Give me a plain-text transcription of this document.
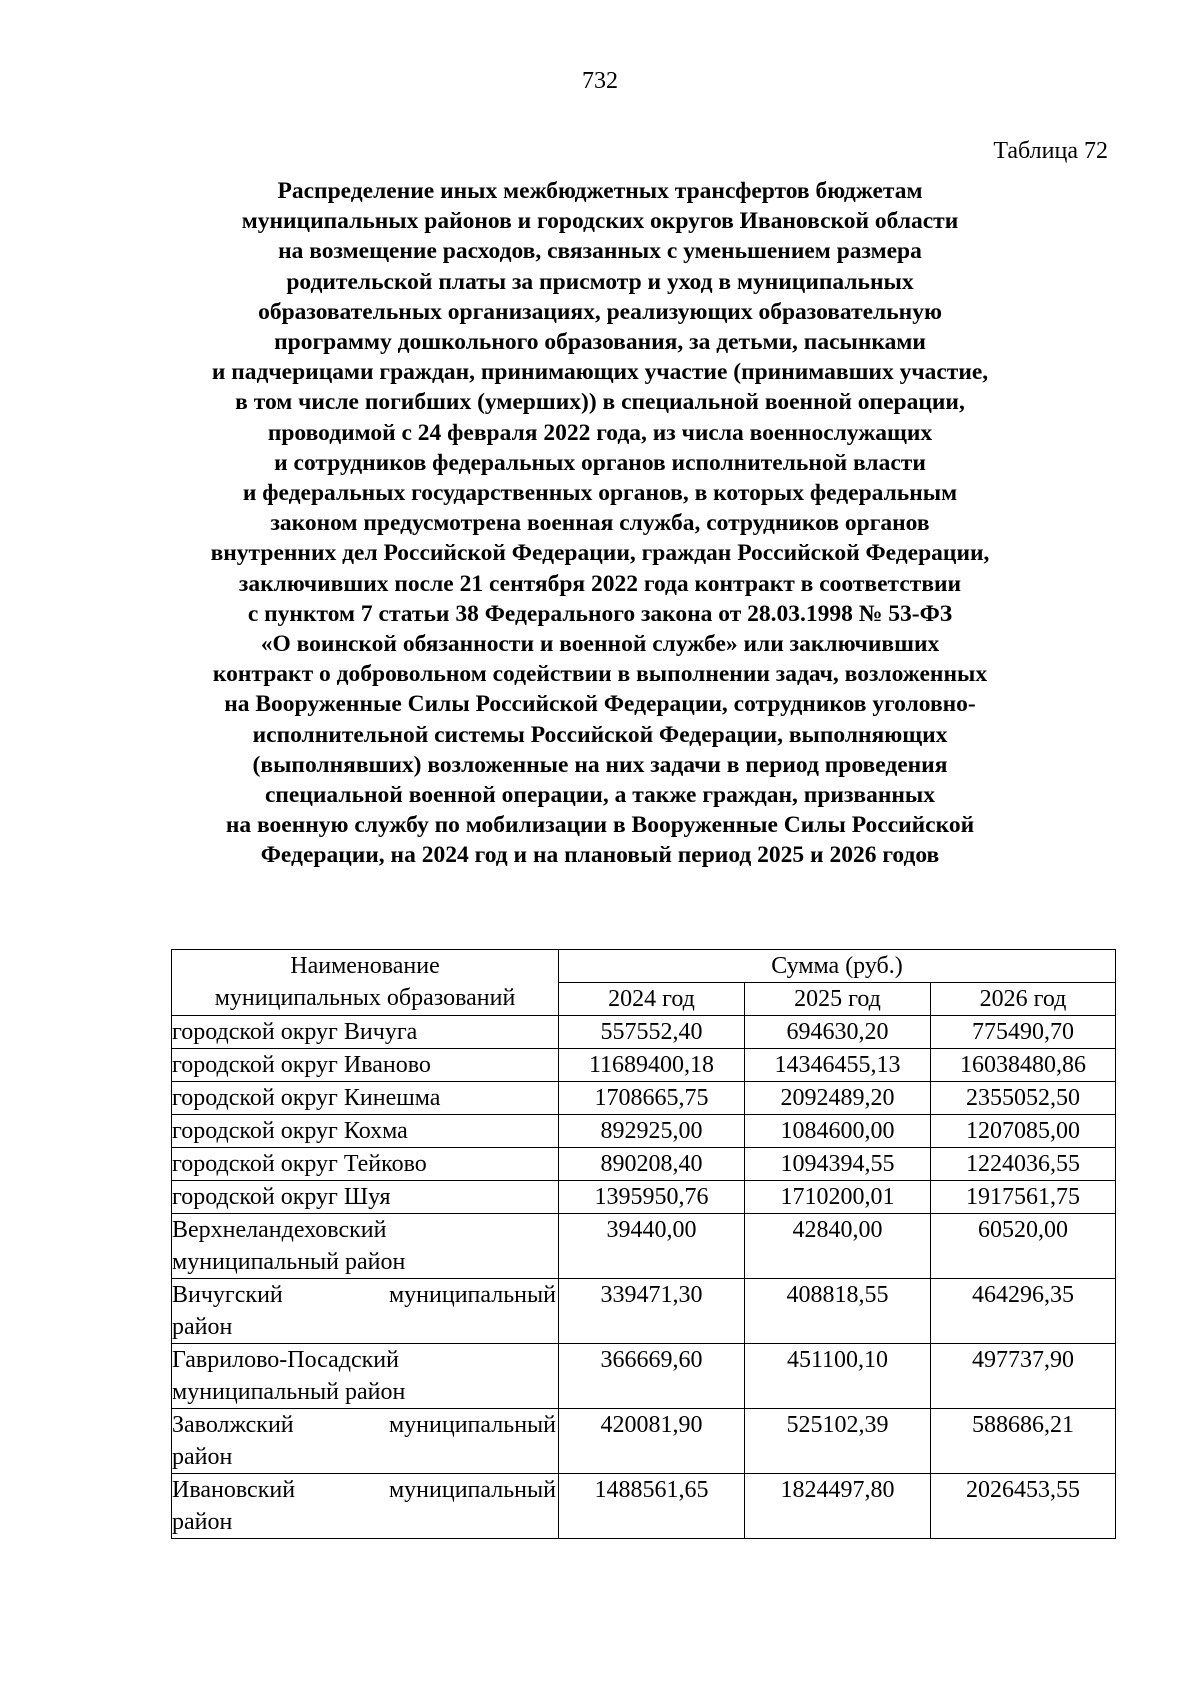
732
Таблица 72
Распределение иных межбюджетных трансфертов бюджетам
муниципальных районов и городских округов Ивановской области
на возмещение расходов, связанных с уменьшением размера
родительской платы за присмотр и уход в муниципальных
образовательных организациях, реализующих образовательную
программу дошкольного образования, за детьми, пасынками
и падчерицами граждан, принимающих участие (принимавших участие,
в том числе погибших (умерших)) в специальной военной операции,
проводимой с 24 февраля 2022 года, из числа военнослужащих
и сотрудников федеральных органов исполнительной власти
и федеральных государственных органов, в которых федеральным
законом предусмотрена военная служба, сотрудников органов
внутренних дел Российской Федерации, граждан Российской Федерации,
заключивших после 21 сентября 2022 года контракт в соответствии
с пунктом 7 статьи 38 Федерального закона от 28.03.1998 № 53-ФЗ
«О воинской обязанности и военной службе» или заключивших
контракт о добровольном содействии в выполнении задач, возложенных
на Вооруженные Силы Российской Федерации, сотрудников уголовно-
исполнительной системы Российской Федерации, выполняющих
(выполнявших) возложенные на них задачи в период проведения
специальной военной операции, а также граждан, призванных
на военную службу по мобилизации в Вооруженные Силы Российской
Федерации, на 2024 год и на плановый период 2025 и 2026 годов
Наименование
муниципальных образований	Сумма (руб.)		
	2024 год	2025 год	2026 год

городской округ Вичуга	557552,40	694630,20	775490,70

городской округ Иваново	11689400,18	14346455,13	16038480,86

городской округ Кинешма	1708665,75	2092489,20	2355052,50

городской округ Кохма	892925,00	1084600,00	1207085,00

городской округ Тейково	890208,40	1094394,55	1224036,55

городской округ Шуя	1395950,76	1710200,01	1917561,75

Верхнеландеховский
муниципальный район	39440,00	42840,00	60520,00

Вичугский муниципальный
район	339471,30	408818,55	464296,35

Гаврилово-Посадский
муниципальный район	366669,60	451100,10	497737,90

Заволжский муниципальный
район	420081,90	525102,39	588686,21

Ивановский муниципальный
район	1488561,65	1824497,80	2026453,55
